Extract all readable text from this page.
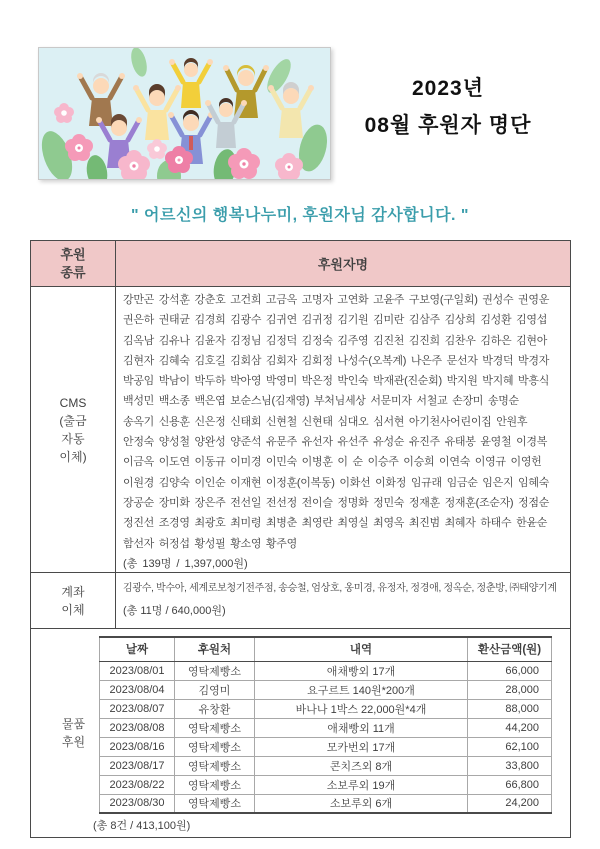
2023년
08월 후원자 명단
" 어르신의 행복나누미, 후원자님 감사합니다. "
후원
종류	후원자명
CMS
(출금
자동
이체)
강만곤 강석훈 강춘호 고건희 고금옥 고명자 고연화 고윤주 구보영(구일회) 권성수 권영운
권은하 권태균 김경희 김광수 김귀연 김귀정 김기원 김미란 김삼주 김상희 김성환 김영섭
김옥남 김유나 김윤자 김정님 김정덕 김정숙 김주영 김진천 김진희 김찬우 김하은 김현아
김현자 김혜숙 김호길 김회삼 김회자 김회정 나성수(오복계) 나은주 문선자 박경덕 박경자
박공임 박남이 박두하 박아영 박영미 박은정 박인숙 박재관(진순회) 박지원 박지혜 박흥식
백성민 백소종 백은엽 보순스님(김재영) 부처님세상 서문미자 서철교 손장미 송명순
송옥기 신용훈 신은정 신태회 신현철 신현태 심대오 심서현 아기천사어린이집 안원후
안정숙 양성철 양완성 양준석 유문주 유선자 유선주 유성순 유진주 유태봉 윤영철 이경복
이금옥 이도연 이동규 이미경 이민숙 이병훈 이 순 이승주 이승희 이연숙 이영규 이영헌
이원경 김양숙 이인순 이재현 이정훈(이복동) 이화선 이화정 임규래 임금순 임은지 임혜숙
장공순 장미화 장은주 전선일 전선정 전이슬 정명화 정민숙 정재훈 정재훈(조순자) 정점순
정진선 조경영 최광호 최미령 최병춘 최영란 최영실 최영옥 최진범 최혜자 하태수 한윤순
함선자 허정섭 황성필 황소영 황주영
(총 139명 / 1,397,000원)
계좌
이체
김광수, 박수아, 세계로보청기전주점, 송승철, 엄상호, 옹미경, 유정자, 정경애, 정옥순, 정춘방, ㈜태양기계
(총 11명 / 640,000원)
물품
후원
날짜	후원처	내역	환산금액(원)
2023/08/01	영탁제빵소	애채빵외 17개	66,000
2023/08/04	김영미	요구르트 140원*200개	28,000
2023/08/07	유창환	바나나 1박스 22,000원*4개	88,000
2023/08/08	영탁제빵소	애채빵외 11개	44,200
2023/08/16	영탁제빵소	모카번외 17개	62,100
2023/08/17	영탁제빵소	콘치즈외 8개	33,800
2023/08/22	영탁제빵소	소보루외 19개	66,800
2023/08/30	영탁제빵소	소보루외 6개	24,200
(총 8건 / 413,100원)
